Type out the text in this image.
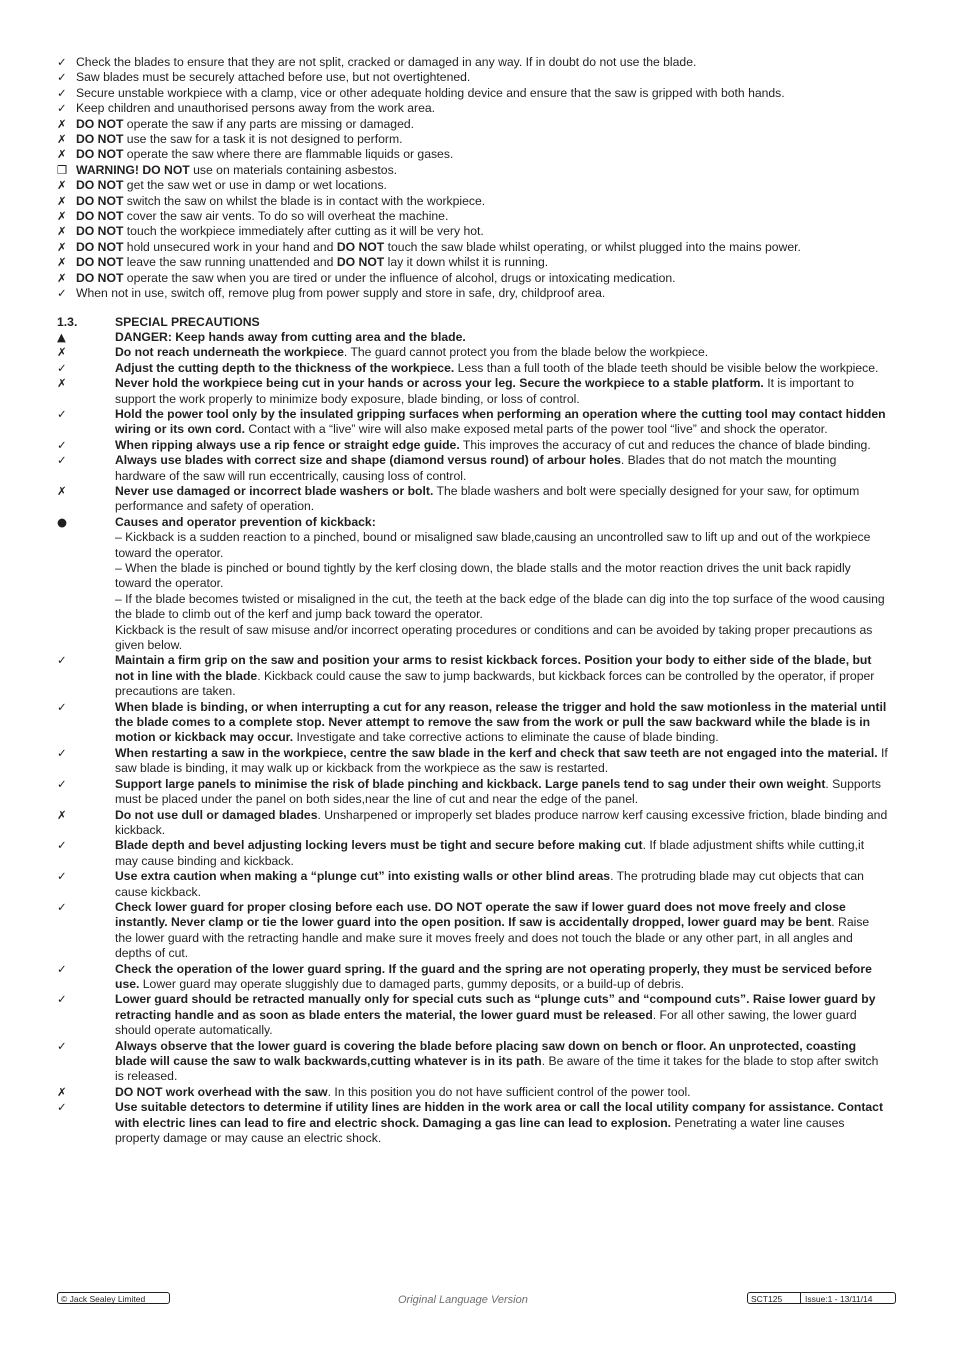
✓ Check the blades to ensure that they are not split, cracked or damaged in any way. If in doubt do not use the blade.
✓ Saw blades must be securely attached before use, but not overtightened.
✓ Secure unstable workpiece with a clamp, vice or other adequate holding device and ensure that the saw is gripped with both hands.
✓ Keep children and unauthorised persons away from the work area.
✗ DO NOT operate the saw if any parts are missing or damaged.
✗ DO NOT use the saw for a task it is not designed to perform.
✗ DO NOT operate the saw where there are flammable liquids or gases.
❐ WARNING! DO NOT use on materials containing asbestos.
✗ DO NOT get the saw wet or use in damp or wet locations.
✗ DO NOT switch the saw on whilst the blade is in contact with the workpiece.
✗ DO NOT cover the saw air vents. To do so will overheat the machine.
✗ DO NOT touch the workpiece immediately after cutting as it will be very hot.
✗ DO NOT hold unsecured work in your hand and DO NOT touch the saw blade whilst operating, or whilst plugged into the mains power.
✗ DO NOT leave the saw running unattended and DO NOT lay it down whilst it is running.
✗ DO NOT operate the saw when you are tired or under the influence of alcohol, drugs or intoxicating medication.
✓ When not in use, switch off, remove plug from power supply and store in safe, dry, childproof area.
1.3.	SPECIAL PRECAUTIONS
▲	DANGER: Keep hands away from cutting area and the blade.
✗	Do not reach underneath the workpiece. The guard cannot protect you from the blade below the workpiece.
✓	Adjust the cutting depth to the thickness of the workpiece. Less than a full tooth of the blade teeth should be visible below the workpiece.
✗	Never hold the workpiece being cut in your hands or across your leg. Secure the workpiece to a stable platform. It is important to support the work properly to minimize body exposure, blade binding, or loss of control.
✓	Hold the power tool only by the insulated gripping surfaces when performing an operation where the cutting tool may contact hidden wiring or its own cord. Contact with a “live” wire will also make exposed metal parts of the power tool “live” and shock the operator.
✓	When ripping always use a rip fence or straight edge guide. This improves the accuracy of cut and reduces the chance of blade binding.
✓	Always use blades with correct size and shape (diamond versus round) of arbour holes. Blades that do not match the mounting hardware of the saw will run eccentrically, causing loss of control.
✗	Never use damaged or incorrect blade washers or bolt. The blade washers and bolt were specially designed for your saw, for optimum performance and safety of operation.
●	Causes and operator prevention of kickback:
– Kickback is a sudden reaction to a pinched, bound or misaligned saw blade,causing an uncontrolled saw to lift up and out of the workpiece toward the operator.
– When the blade is pinched or bound tightly by the kerf closing down, the blade stalls and the motor reaction drives the unit back rapidly toward the operator.
– If the blade becomes twisted or misaligned in the cut, the teeth at the back edge of the blade can dig into the top surface of the wood causing the blade to climb out of the kerf and jump back toward the operator.
Kickback is the result of saw misuse and/or incorrect operating procedures or conditions and can be avoided by taking proper precautions as given below.
✓	Maintain a firm grip on the saw and position your arms to resist kickback forces. Position your body to either side of the blade, but not in line with the blade. Kickback could cause the saw to jump backwards, but kickback forces can be controlled by the operator, if proper precautions are taken.
✓	When blade is binding, or when interrupting a cut for any reason, release the trigger and hold the saw motionless in the material until the blade comes to a complete stop. Never attempt to remove the saw from the work or pull the saw backward while the blade is in motion or kickback may occur. Investigate and take corrective actions to eliminate the cause of blade binding.
✓	When restarting a saw in the workpiece, centre the saw blade in the kerf and check that saw teeth are not engaged into the material. If saw blade is binding, it may walk up or kickback from the workpiece as the saw is restarted.
✓	Support large panels to minimise the risk of blade pinching and kickback. Large panels tend to sag under their own weight. Supports must be placed under the panel on both sides,near the line of cut and near the edge of the panel.
✗	Do not use dull or damaged blades. Unsharpened or improperly set blades produce narrow kerf causing excessive friction, blade binding and kickback.
✓	Blade depth and bevel adjusting locking levers must be tight and secure before making cut. If blade adjustment shifts while cutting,it may cause binding and kickback.
✓	Use extra caution when making a “plunge cut” into existing walls or other blind areas. The protruding blade may cut objects that can cause kickback.
✓	Check lower guard for proper closing before each use. DO NOT operate the saw if lower guard does not move freely and close instantly. Never clamp or tie the lower guard into the open position. If saw is accidentally dropped, lower guard may be bent. Raise the lower guard with the retracting handle and make sure it moves freely and does not touch the blade or any other part, in all angles and depths of cut.
✓	Check the operation of the lower guard spring. If the guard and the spring are not operating properly, they must be serviced before use. Lower guard may operate sluggishly due to damaged parts, gummy deposits, or a build-up of debris.
✓	Lower guard should be retracted manually only for special cuts such as “plunge cuts” and “compound cuts”. Raise lower guard by retracting handle and as soon as blade enters the material, the lower guard must be released. For all other sawing, the lower guard should operate automatically.
✓	Always observe that the lower guard is covering the blade before placing saw down on bench or floor. An unprotected, coasting blade will cause the saw to walk backwards,cutting whatever is in its path. Be aware of the time it takes for the blade to stop after switch is released.
✗	DO NOT work overhead with the saw. In this position you do not have sufficient control of the power tool.
✓	Use suitable detectors to determine if utility lines are hidden in the work area or call the local utility company for assistance. Contact with electric lines can lead to fire and electric shock. Damaging a gas line can lead to explosion. Penetrating a water line causes property damage or may cause an electric shock.
© Jack Sealey Limited	Original Language Version	SCT125	Issue:1 - 13/11/14
